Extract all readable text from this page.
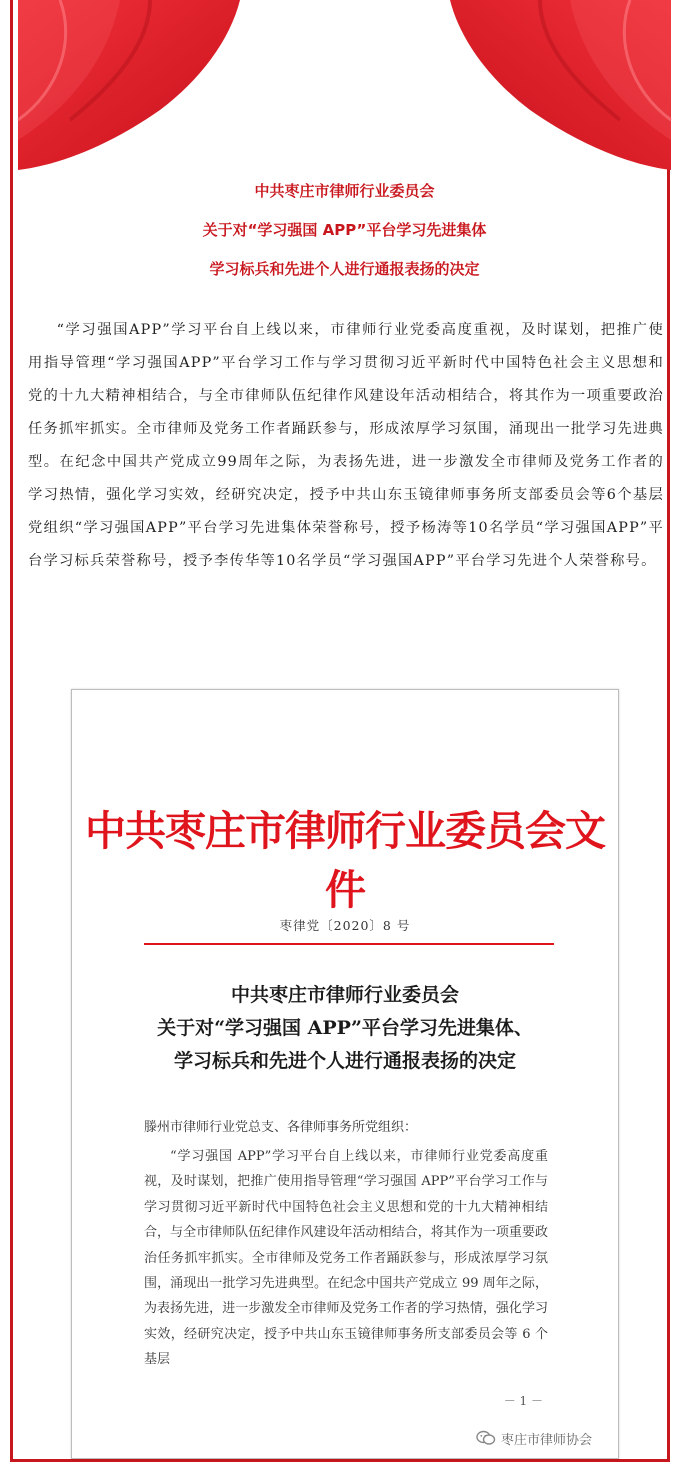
中共枣庄市律师行业委员会
关于对“学习强国 APP”平台学习先进集体
学习标兵和先进个人进行通报表扬的决定
“学习强国APP”学习平台自上线以来，市律师行业党委高度重视，及时谋划，把推广使用指导管理“学习强国APP”平台学习工作与学习贯彻习近平新时代中国特色社会主义思想和党的十九大精神相结合，与全市律师队伍纪律作风建设年活动相结合，将其作为一项重要政治任务抓牢抓实。全市律师及党务工作者踊跃参与，形成浓厚学习氛围，涌现出一批学习先进典型。在纪念中国共产党成立99周年之际，为表扬先进，进一步激发全市律师及党务工作者的学习热情，强化学习实效，经研究决定，授予中共山东玉镜律师事务所支部委员会等6个基层党组织“学习强国APP”平台学习先进集体荣誉称号，授予杨涛等10名学员“学习强国APP”平台学习标兵荣誉称号，授予李传华等10名学员“学习强国APP”平台学习先进个人荣誉称号。
中共枣庄市律师行业委员会文件
枣律党〔2020〕8 号
中共枣庄市律师行业委员会
关于对“学习强国 APP”平台学习先进集体、
学习标兵和先进个人进行通报表扬的决定
滕州市律师行业党总支、各律师事务所党组织：
“学习强国 APP”学习平台自上线以来，市律师行业党委高度重视，及时谋划，把推广使用指导管理“学习强国 APP”平台学习工作与学习贯彻习近平新时代中国特色社会主义思想和党的十九大精神相结合，与全市律师队伍纪律作风建设年活动相结合，将其作为一项重要政治任务抓牢抓实。全市律师及党务工作者踊跃参与，形成浓厚学习氛围，涌现出一批学习先进典型。在纪念中国共产党成立 99 周年之际，为表扬先进，进一步激发全市律师及党务工作者的学习热情，强化学习实效，经研究决定，授予中共山东玉镜律师事务所支部委员会等 6 个基层
－ 1 －
枣庄市律师协会
